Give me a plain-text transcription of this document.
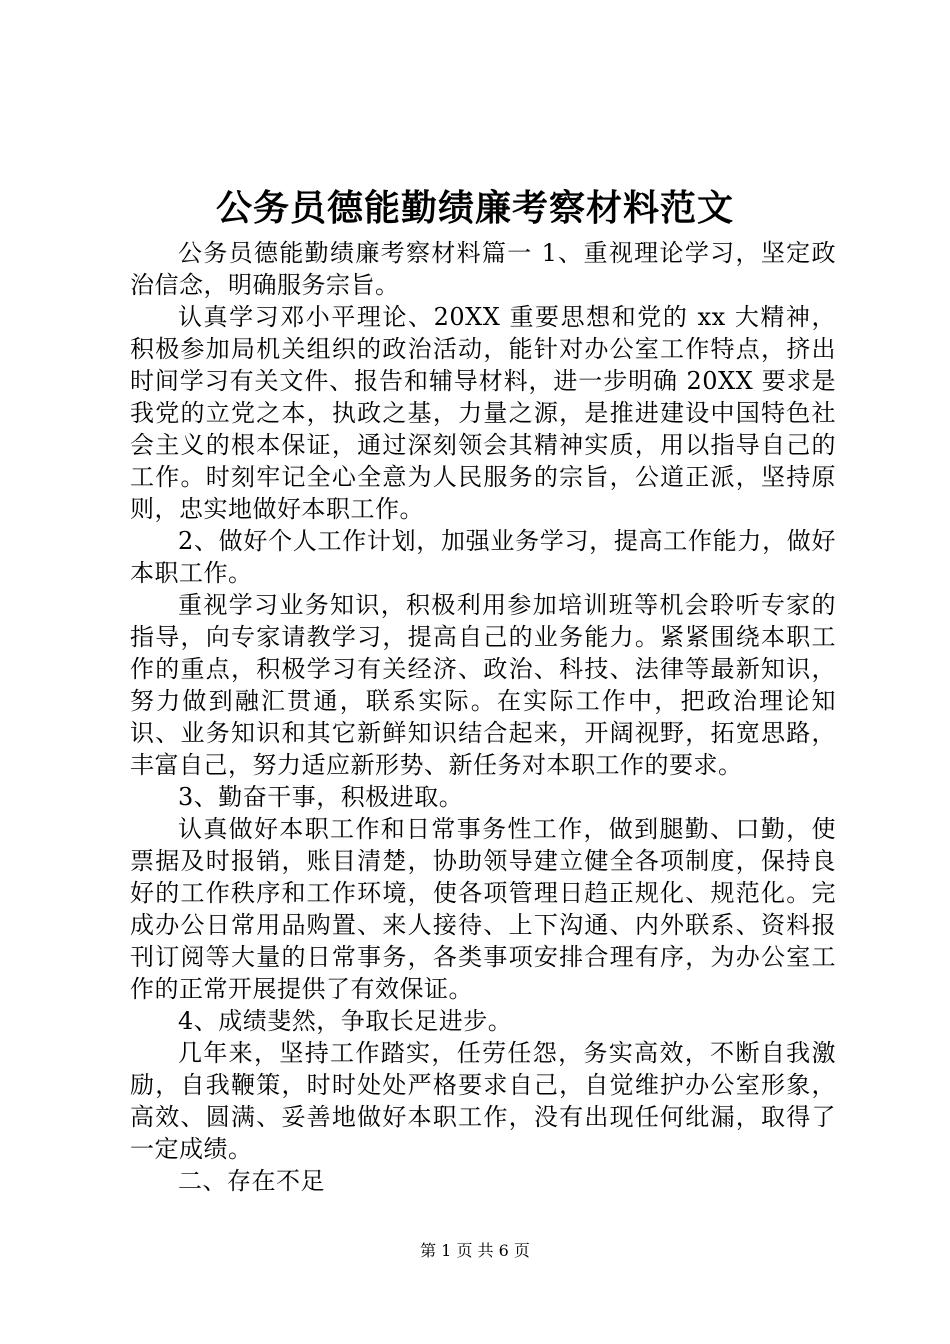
公务员德能勤绩廉考察材料范文

公务员德能勤绩廉考察材料篇一 1、重视理论学习，坚定政治信念，明确服务宗旨。

认真学习邓小平理论、20XX 重要思想和党的 xx 大精神，积极参加局机关组织的政治活动，能针对办公室工作特点，挤出时间学习有关文件、报告和辅导材料，进一步明确 20XX 要求是我党的立党之本，执政之基，力量之源，是推进建设中国特色社会主义的根本保证，通过深刻领会其精神实质，用以指导自己的工作。时刻牢记全心全意为人民服务的宗旨，公道正派，坚持原则，忠实地做好本职工作。

2、做好个人工作计划，加强业务学习，提高工作能力，做好本职工作。

重视学习业务知识，积极利用参加培训班等机会聆听专家的指导，向专家请教学习，提高自己的业务能力。紧紧围绕本职工作的重点，积极学习有关经济、政治、科技、法律等最新知识，努力做到融汇贯通，联系实际。在实际工作中，把政治理论知识、业务知识和其它新鲜知识结合起来，开阔视野，拓宽思路，丰富自己，努力适应新形势、新任务对本职工作的要求。

3、勤奋干事，积极进取。

认真做好本职工作和日常事务性工作，做到腿勤、口勤，使票据及时报销，账目清楚，协助领导建立健全各项制度，保持良好的工作秩序和工作环境，使各项管理日趋正规化、规范化。完成办公日常用品购置、来人接待、上下沟通、内外联系、资料报刊订阅等大量的日常事务，各类事项安排合理有序，为办公室工作的正常开展提供了有效保证。

4、成绩斐然，争取长足进步。

几年来，坚持工作踏实，任劳任怨，务实高效，不断自我激励，自我鞭策，时时处处严格要求自己，自觉维护办公室形象，高效、圆满、妥善地做好本职工作，没有出现任何纰漏，取得了一定成绩。

二、存在不足

第 1 页 共 6 页
